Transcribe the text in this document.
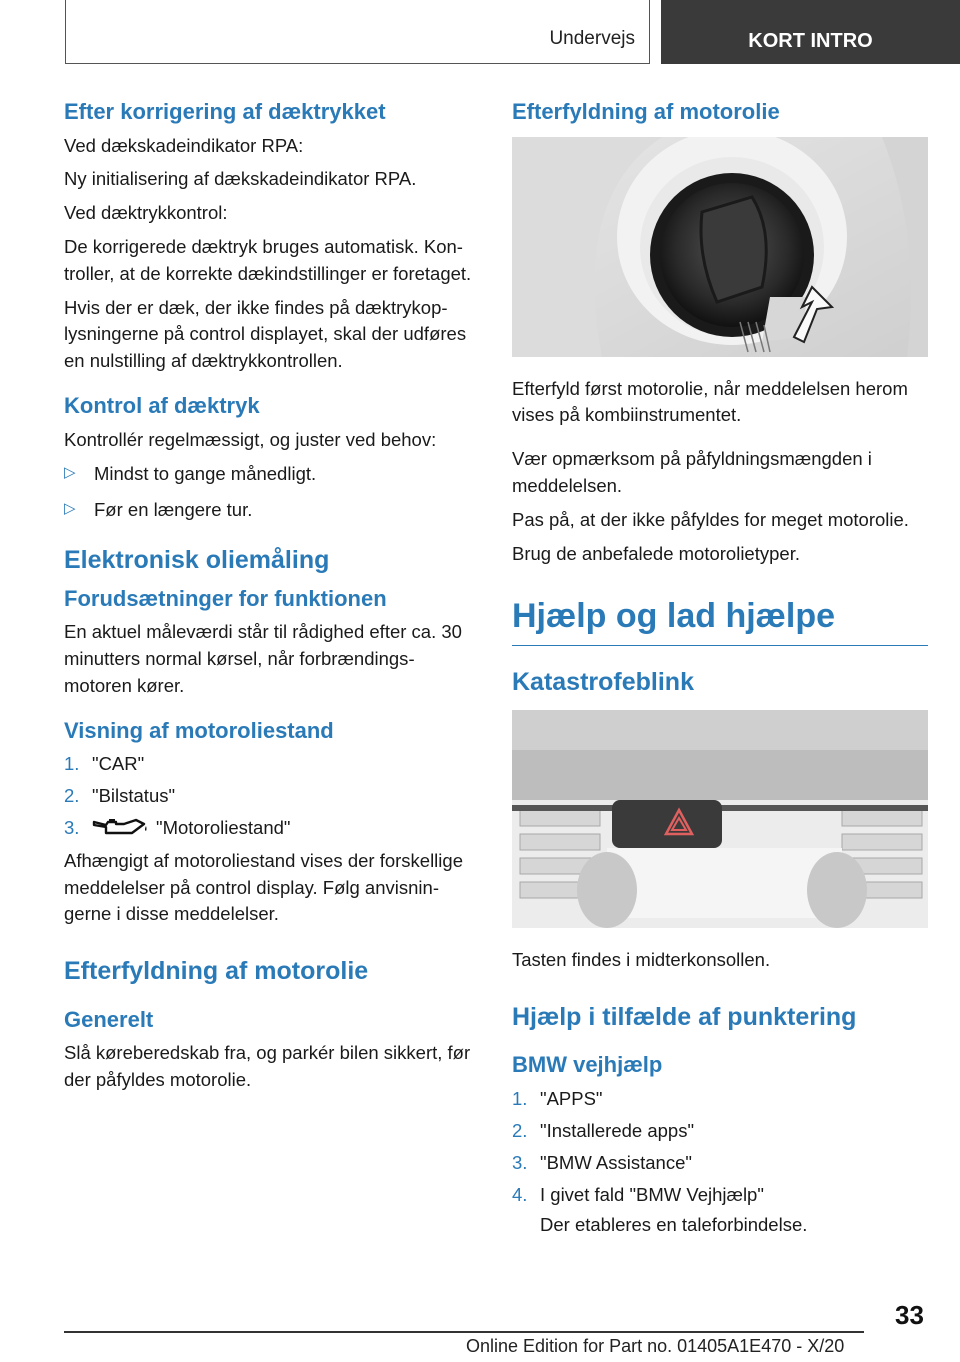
Undervejs	KORT INTRO
Efter korrigering af dæktrykket

Ved dækskadeindikator RPA:

Ny initialisering af dækskadeindikator RPA.

Ved dæktrykkontrol:

De korrigerede dæktryk bruges automatisk. Kontroller, at de korrekte dækindstillinger er foretaget.

Hvis der er dæk, der ikke findes på dæktrykoplysningerne på control displayet, skal der udføres en nulstilling af dæktrykkontrollen.

Kontrol af dæktryk

Kontrollér regelmæssigt, og juster ved behov:

▷ Mindst to gange månedligt.
▷ Før en længere tur.
Elektronisk oliemåling
Forudsætninger for funktionen

En aktuel måleværdi står til rådighed efter ca. 30 minutters normal kørsel, når forbrændingsmotoren kører.

Visning af motoroliestand
1. "CAR"
2. "Bilstatus"
3.	"Motoroliestand"

Afhængigt af motoroliestand vises der forskellige meddelelser på control display. Følg anvisningerne i disse meddelelser.

Efterfyldning af motorolie
Generelt

Slå køreberedskab fra, og parkér bilen sikkert, før der påfyldes motorolie.

Efterfyldning af motorolie

Efterfyld først motorolie, når meddelelsen herom vises på kombiinstrumentet.

Vær opmærksom på påfyldningsmængden i meddelelsen.

Pas på, at der ikke påfyldes for meget motorolie.

Brug de anbefalede motorolietyper.

Hjælp og lad hjælpe
Katastrofeblink

Tasten findes i midterkonsollen.

Hjælp i tilfælde af punktering
BMW vejhjælp
1. "APPS"
2. "Installerede apps"
3. "BMW Assistance"
4. I givet fald "BMW Vejhjælp"
Der etableres en taleforbindelse.
33
Online Edition for Part no. 01405A1E470 - X/20
